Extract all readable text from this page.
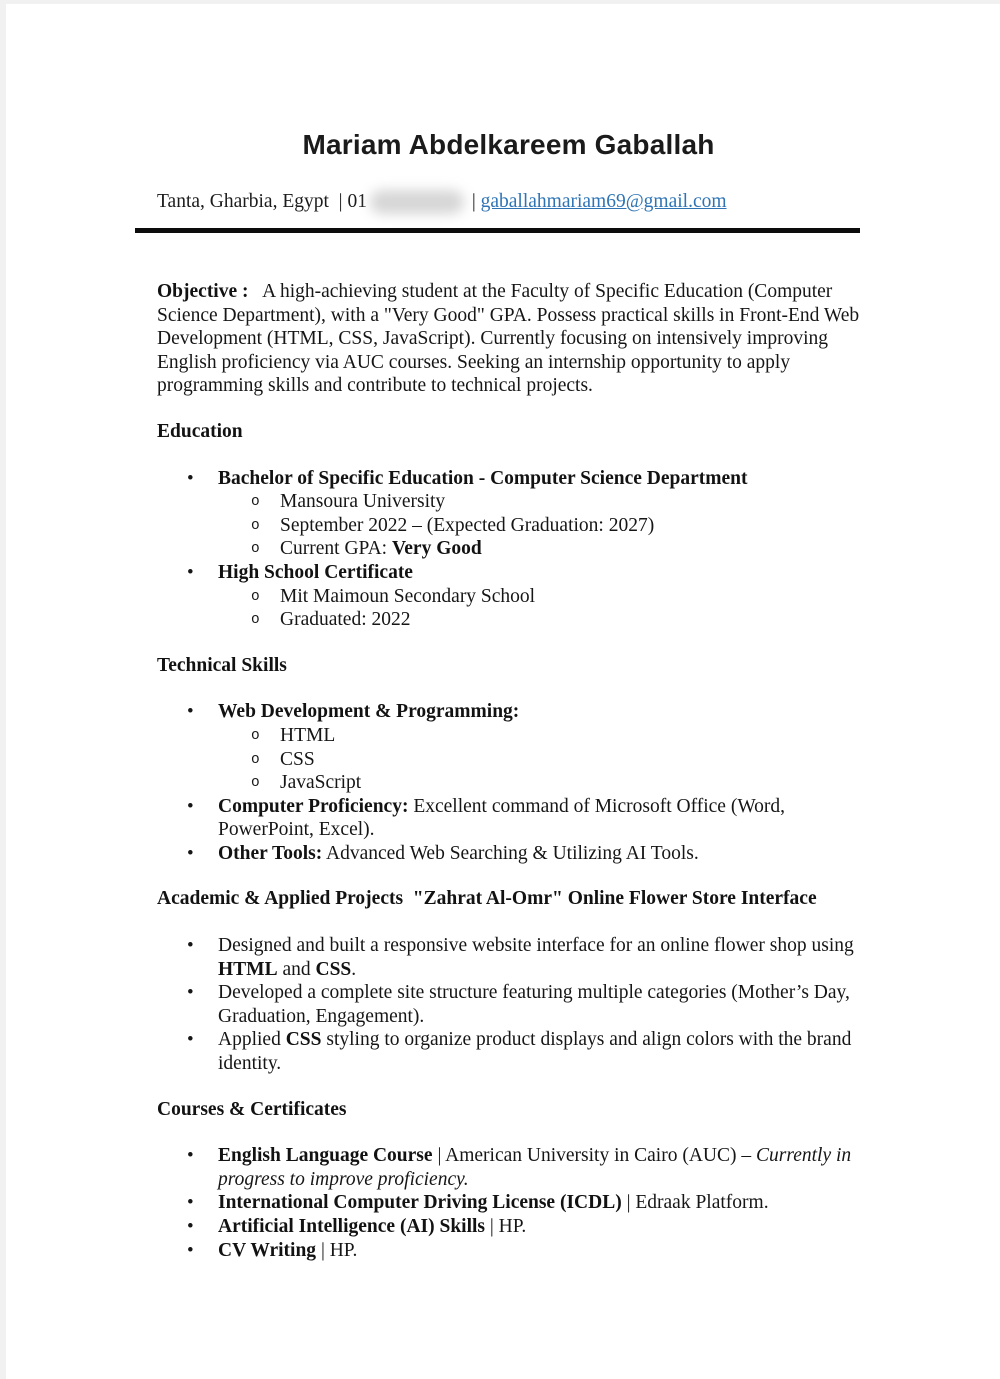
Mariam Abdelkareem Gaballah
Tanta, Gharbia, Egypt  | 01	| gaballahmariam69@gmail.com
Objective :   A high-achieving student at the Faculty of Specific Education (Computer Science Department), with a "Very Good" GPA. Possess practical skills in Front-End Web Development (HTML, CSS, JavaScript). Currently focusing on intensively improving English proficiency via AUC courses. Seeking an internship opportunity to apply programming skills and contribute to technical projects.
Education
• Bachelor of Specific Education - Computer Science Department
o Mansoura University
o September 2022 – (Expected Graduation: 2027)
o Current GPA: Very Good
• High School Certificate
o Mit Maimoun Secondary School
o Graduated: 2022
Technical Skills
• Web Development & Programming:
o HTML
o CSS
o JavaScript
• Computer Proficiency: Excellent command of Microsoft Office (Word, PowerPoint, Excel).
• Other Tools: Advanced Web Searching & Utilizing AI Tools.
Academic & Applied Projects  "Zahrat Al-Omr" Online Flower Store Interface
• Designed and built a responsive website interface for an online flower shop using HTML and CSS.
• Developed a complete site structure featuring multiple categories (Mother’s Day, Graduation, Engagement).
• Applied CSS styling to organize product displays and align colors with the brand identity.
Courses & Certificates
• English Language Course | American University in Cairo (AUC) – Currently in progress to improve proficiency.
• International Computer Driving License (ICDL) | Edraak Platform.
• Artificial Intelligence (AI) Skills | HP.
• CV Writing | HP.
